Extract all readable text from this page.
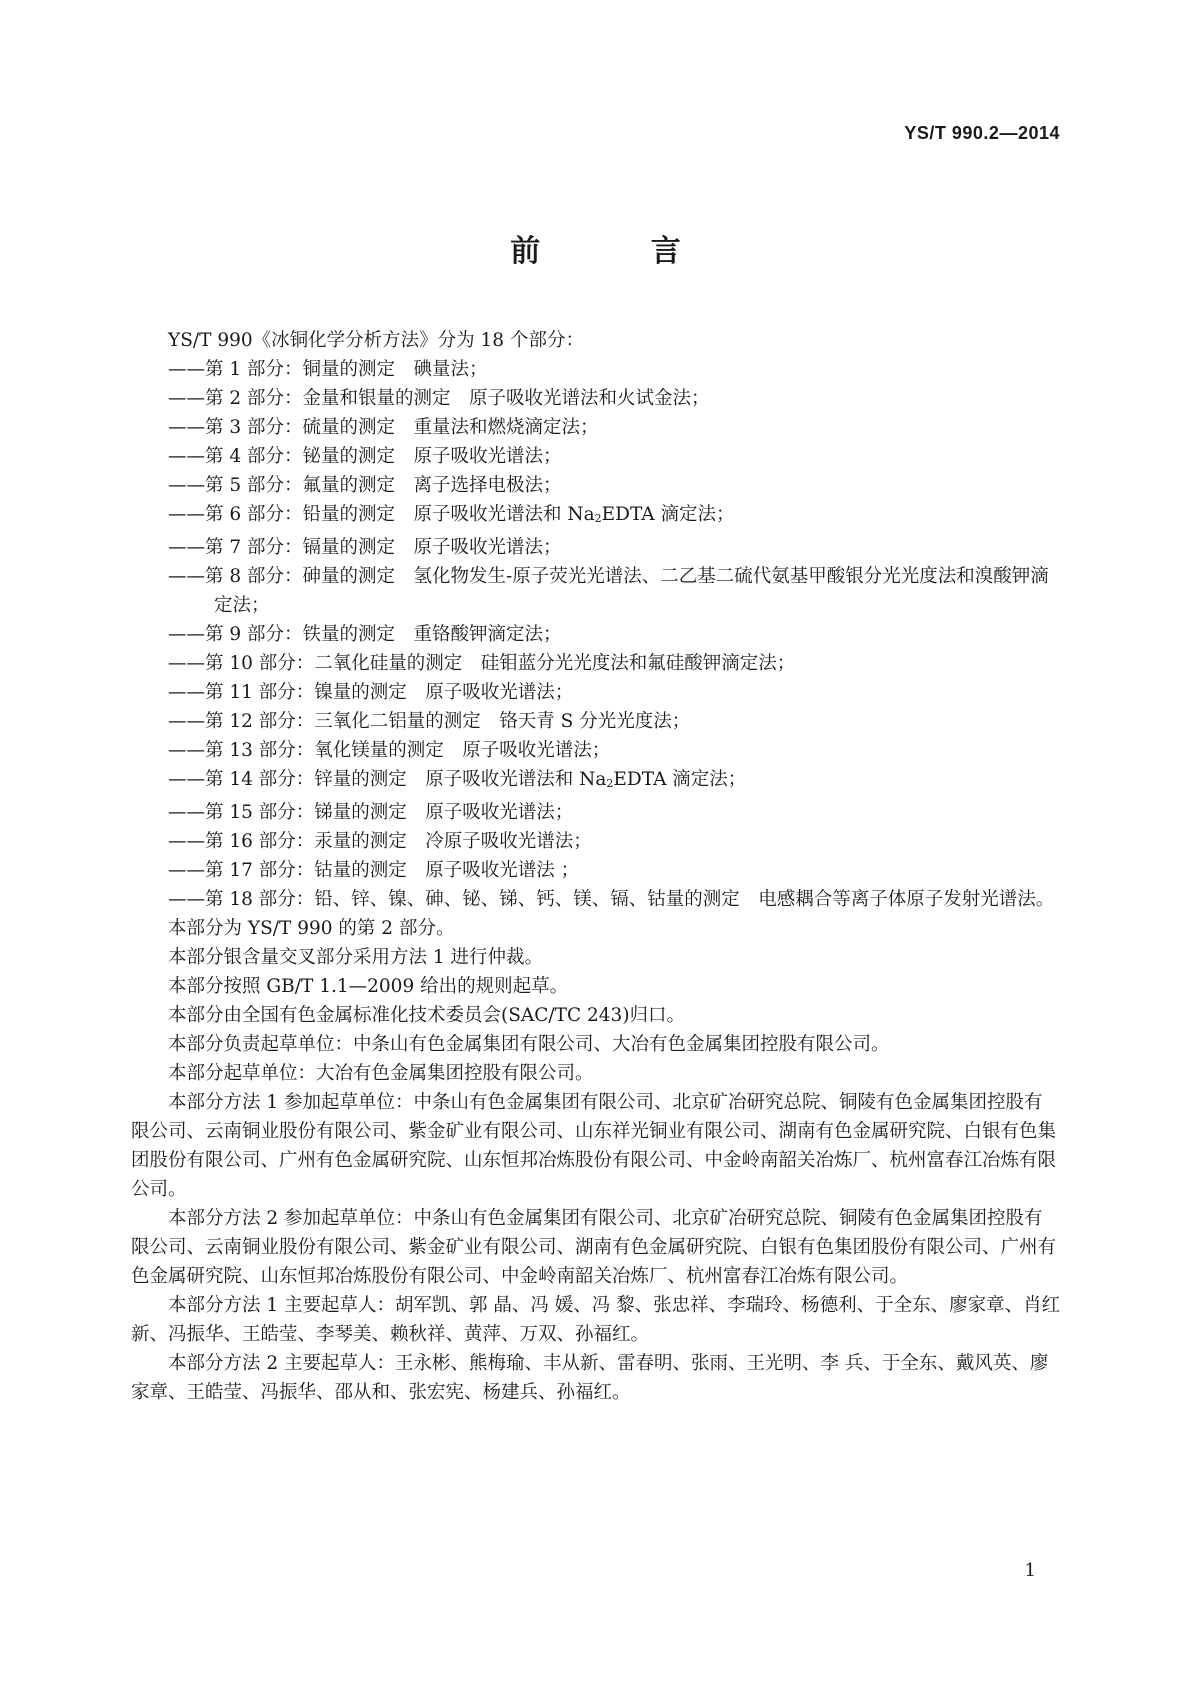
YS/T 990.2—2014
前 言

YS/T 990《冰铜化学分析方法》分为 18 个部分：

——第 1 部分：铜量的测定　碘量法；

——第 2 部分：金量和银量的测定　原子吸收光谱法和火试金法；

——第 3 部分：硫量的测定　重量法和燃烧滴定法；

——第 4 部分：铋量的测定　原子吸收光谱法；

——第 5 部分：氟量的测定　离子选择电极法；

——第 6 部分：铅量的测定　原子吸收光谱法和 $Na_2EDTA$ 滴定法；

——第 7 部分：镉量的测定　原子吸收光谱法；

——第 8 部分：砷量的测定　氢化物发生-原子荧光光谱法、二乙基二硫代氨基甲酸银分光光度法和溴酸钾滴定法；

——第 9 部分：铁量的测定　重铬酸钾滴定法；

——第 10 部分：二氧化硅量的测定　硅钼蓝分光光度法和氟硅酸钾滴定法；

——第 11 部分：镍量的测定　原子吸收光谱法；

——第 12 部分：三氧化二铝量的测定　铬天青 S 分光光度法；

——第 13 部分：氧化镁量的测定　原子吸收光谱法；

——第 14 部分：锌量的测定　原子吸收光谱法和 $Na_2EDTA$ 滴定法；

——第 15 部分：锑量的测定　原子吸收光谱法；

——第 16 部分：汞量的测定　冷原子吸收光谱法；

——第 17 部分：钴量的测定　原子吸收光谱法 ；

——第 18 部分：铅、锌、镍、砷、铋、锑、钙、镁、镉、钴量的测定　电感耦合等离子体原子发射光谱法。

本部分为 YS/T 990 的第 2 部分。

本部分银含量交叉部分采用方法 1 进行仲裁。

本部分按照 GB/T 1.1—2009 给出的规则起草。

本部分由全国有色金属标准化技术委员会(SAC/TC 243)归口。

本部分负责起草单位：中条山有色金属集团有限公司、大冶有色金属集团控股有限公司。

本部分起草单位：大冶有色金属集团控股有限公司。

本部分方法 1 参加起草单位：中条山有色金属集团有限公司、北京矿冶研究总院、铜陵有色金属集团控股有限公司、云南铜业股份有限公司、紫金矿业有限公司、山东祥光铜业有限公司、湖南有色金属研究院、白银有色集团股份有限公司、广州有色金属研究院、山东恒邦冶炼股份有限公司、中金岭南韶关冶炼厂、杭州富春江冶炼有限公司。

本部分方法 2 参加起草单位：中条山有色金属集团有限公司、北京矿冶研究总院、铜陵有色金属集团控股有限公司、云南铜业股份有限公司、紫金矿业有限公司、湖南有色金属研究院、白银有色集团股份有限公司、广州有色金属研究院、山东恒邦冶炼股份有限公司、中金岭南韶关冶炼厂、杭州富春江冶炼有限公司。

本部分方法 1 主要起草人：胡军凯、郭 晶、冯 媛、冯 黎、张忠祥、李瑞玲、杨德利、于全东、廖家章、肖红新、冯振华、王皓莹、李琴美、赖秋祥、黄萍、万双、孙福红。

本部分方法 2 主要起草人：王永彬、熊梅瑜、丰从新、雷春明、张雨、王光明、李 兵、于全东、戴风英、廖家章、王皓莹、冯振华、邵从和、张宏宪、杨建兵、孙福红。

1
